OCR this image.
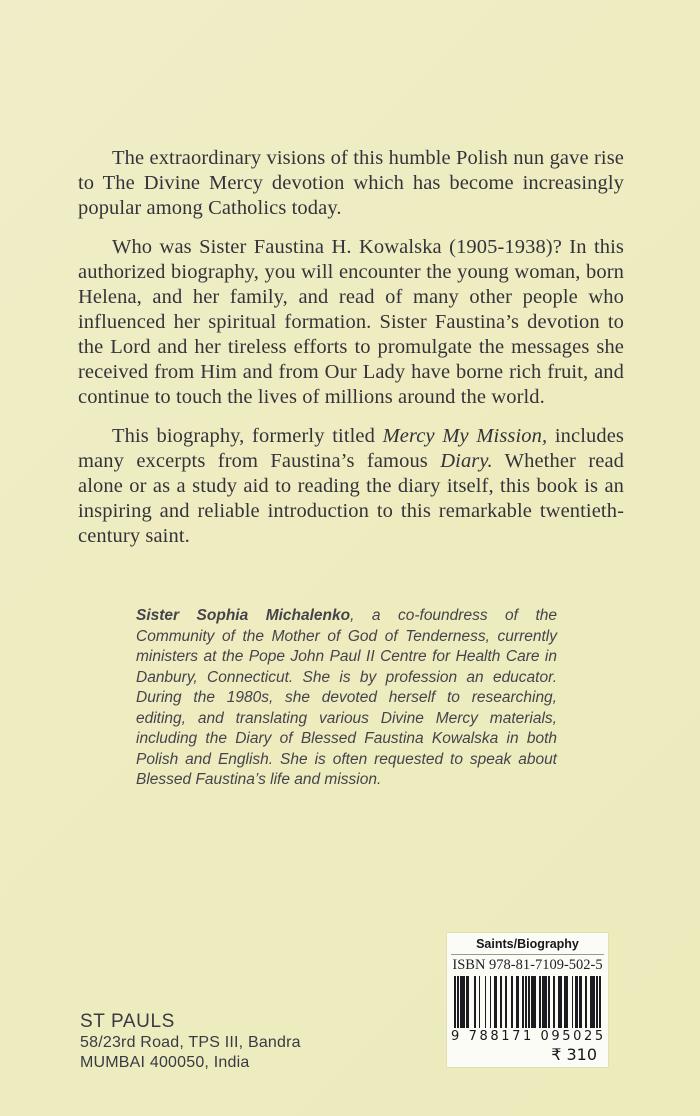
The extraordinary visions of this humble Polish nun gave rise to The Divine Mercy devotion which has become increasingly popular among Catholics today.

Who was Sister Faustina H. Kowalska (1905-1938)? In this authorized biography, you will encounter the young woman, born Helena, and her family, and read of many other people who influenced her spiritual formation. Sister Faustina’s devotion to the Lord and her tireless efforts to promulgate the messages she received from Him and from Our Lady have borne rich fruit, and continue to touch the lives of millions around the world.

This biography, formerly titled Mercy My Mission, includes many excerpts from Faustina’s famous Diary. Whether read alone or as a study aid to reading the diary itself, this book is an inspiring and reliable introduction to this remarkable twentieth-century saint.

Sister Sophia Michalenko, a co-foundress of the Community of the Mother of God of Tenderness, currently ministers at the Pope John Paul II Centre for Health Care in Danbury, Connecticut. She is by profession an educator. During the 1980s, she devoted herself to researching, editing, and translating various Divine Mercy materials, including the Diary of Blessed Faustina Kowalska in both Polish and English. She is often requested to speak about Blessed Faustina’s life and mission.
ST PAULS
58/23rd Road, TPS III, Bandra
MUMBAI 400050, India
Saints/Biography
ISBN 978-81-7109-502-5
9 788171 095025
₹ 310
